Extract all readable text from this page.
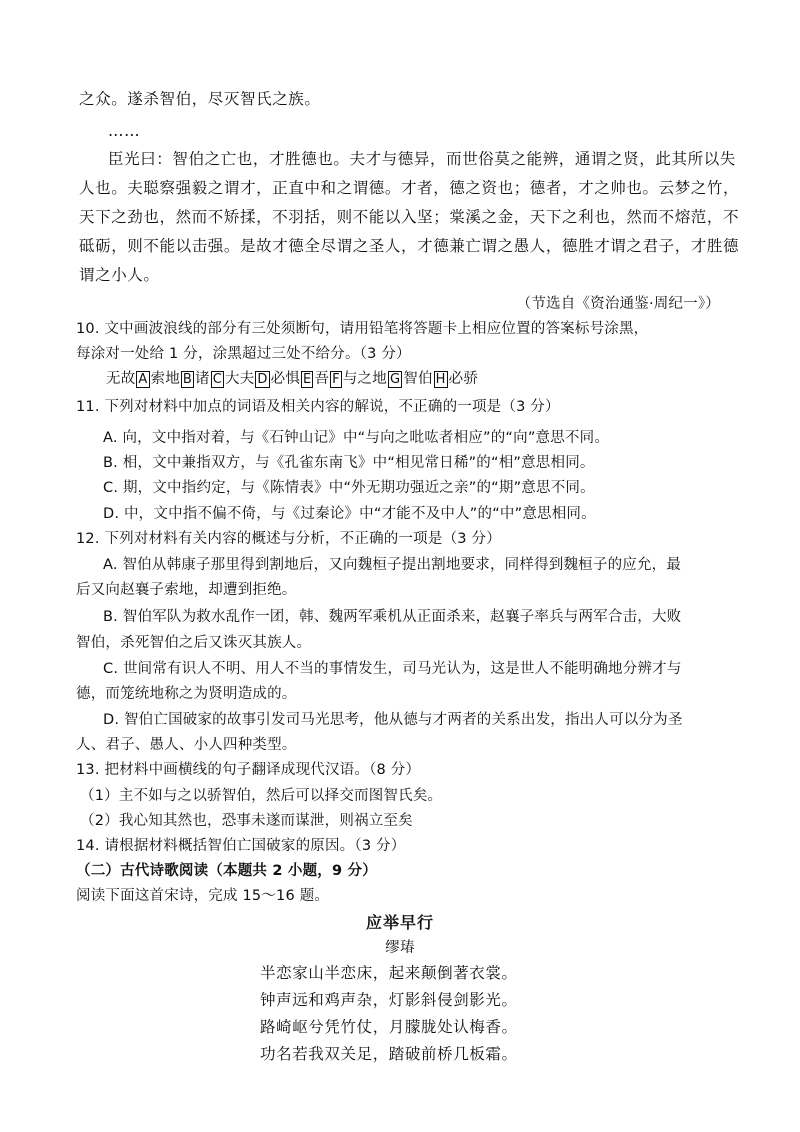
之众。遂杀智伯，尽灭智氏之族。
……
臣光曰：智伯之亡也，才胜德也。夫才与德异，而世俗莫之能辨，通谓之贤，此其所以失
人也。夫聪察强毅之谓才，正直中和之谓德。才者，德之资也；德者，才之帅也。云梦之竹，
天下之劲也，然而不矫揉，不羽括，则不能以入坚；棠溪之金，天下之利也，然而不熔范，不
砥砺，则不能以击强。是故才德全尽谓之圣人，才德兼亡谓之愚人，德胜才谓之君子，才胜德
谓之小人。
（节选自《资治通鉴·周纪一》）
10. 文中画波浪线的部分有三处须断句，请用铅笔将答题卡上相应位置的答案标号涂黑，
每涂对一处给 1 分，涂黑超过三处不给分。（3 分）
无故 A 索地 B 诸 C 大夫 D 必惧 E 吾 F 与之地 G 智伯 H 必骄
11. 下列对材料中加点的词语及相关内容的解说，不正确的一项是（3 分）
A. 向，文中指对着，与《石钟山记》中“与向之吡吰者相应”的“向”意思不同。
B. 相，文中兼指双方，与《孔雀东南飞》中“相见常日稀”的“相”意思相同。
C. 期，文中指约定，与《陈情表》中“外无期功强近之亲”的“期”意思不同。
D. 中，文中指不偏不倚，与《过秦论》中“才能不及中人”的“中”意思相同。
12. 下列对材料有关内容的概述与分析，不正确的一项是（3 分）
A. 智伯从韩康子那里得到割地后，又向魏桓子提出割地要求，同样得到魏桓子的应允，最
后又向赵襄子索地，却遭到拒绝。
B. 智伯军队为救水乱作一团，韩、魏两军乘机从正面杀来，赵襄子率兵与两军合击，大败
智伯，杀死智伯之后又诛灭其族人。
C. 世间常有识人不明、用人不当的事情发生，司马光认为，这是世人不能明确地分辨才与
德，而笼统地称之为贤明造成的。
D. 智伯亡国破家的故事引发司马光思考，他从德与才两者的关系出发，指出人可以分为圣
人、君子、愚人、小人四种类型。
13. 把材料中画横线的句子翻译成现代汉语。（8 分）
（1）主不如与之以骄智伯，然后可以择交而图智氏矣。
（2）我心知其然也，恐事未遂而谋泄，则祸立至矣
14. 请根据材料概括智伯亡国破家的原因。（3 分）
（二）古代诗歌阅读（本题共 2 小题，9 分）
阅读下面这首宋诗，完成 15～16 题。
应举早行
缪瑃
半恋家山半恋床，起来颠倒著衣裳。
钟声远和鸡声杂，灯影斜侵剑影光。
路崎岖兮凭竹仗，月朦胧处认梅香。
功名若我双关足，踏破前桥几板霜。
